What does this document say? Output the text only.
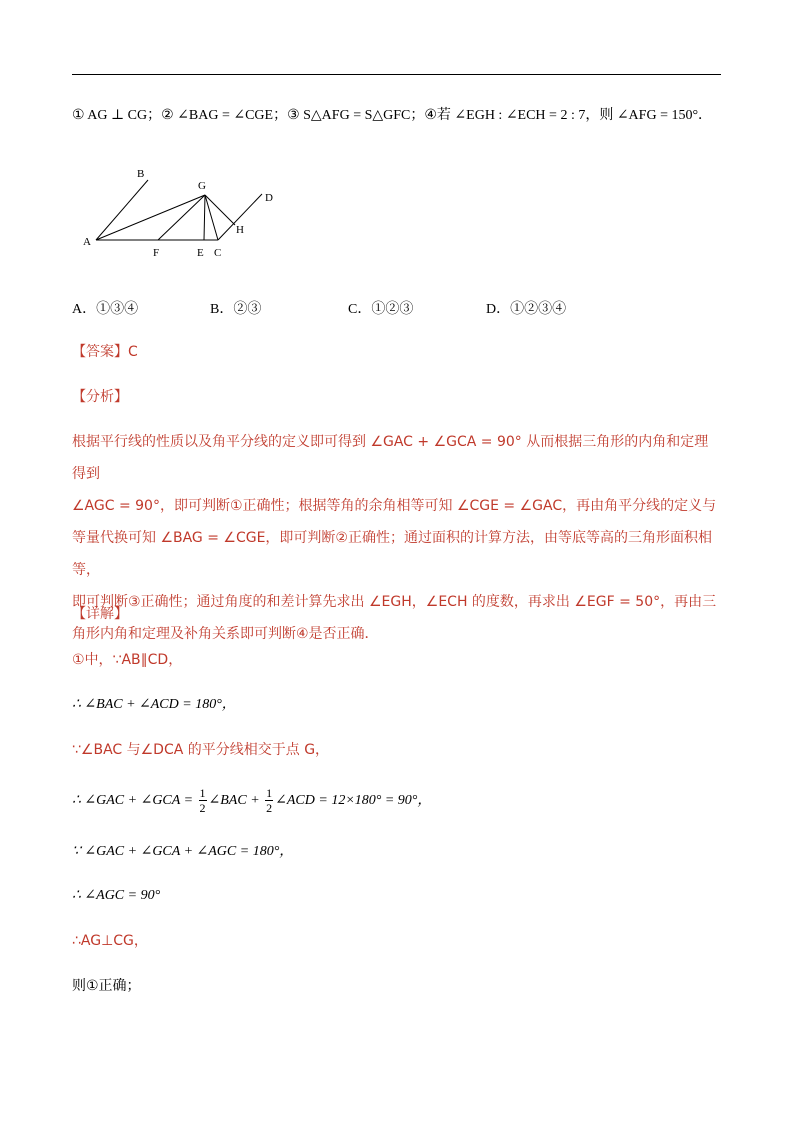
① AG ⊥ CG；② ∠BAG = ∠CGE；③ S△AFG = S△GFC；④若 ∠EGH : ∠ECH = 2 : 7，则 ∠AFG = 150°．
A
B
G
D
H
F	E C
A．①③④	B．②③	C．①②③	D．①②③④
【答案】C
【分析】
根据平行线的性质以及角平分线的定义即可得到 ∠GAC + ∠GCA = 90° 从而根据三角形的内角和定理得到
∠AGC = 90°，即可判断①正确性；根据等角的余角相等可知 ∠CGE = ∠GAC，再由角平分线的定义与
等量代换可知 ∠BAG = ∠CGE，即可判断②正确性；通过面积的计算方法，由等底等高的三角形面积相等，
即可判断③正确性；通过角度的和差计算先求出 ∠EGH，∠ECH 的度数，再求出 ∠EGF = 50°，再由三
角形内角和定理及补角关系即可判断④是否正确．
【详解】
①中，∵AB∥CD，
∴ ∠BAC + ∠ACD = 180°，
∵∠BAC 与∠DCA 的平分线相交于点 G，
∴ ∠GAC + ∠GCA = $\frac{1}{2}$ ∠BAC + $\frac{1}{2}$ ∠ACD = 12×180° = 90°，
∵ ∠GAC + ∠GCA + ∠AGC = 180°，
∴ ∠AGC = 90°
∴AG⊥CG，
则①正确；
